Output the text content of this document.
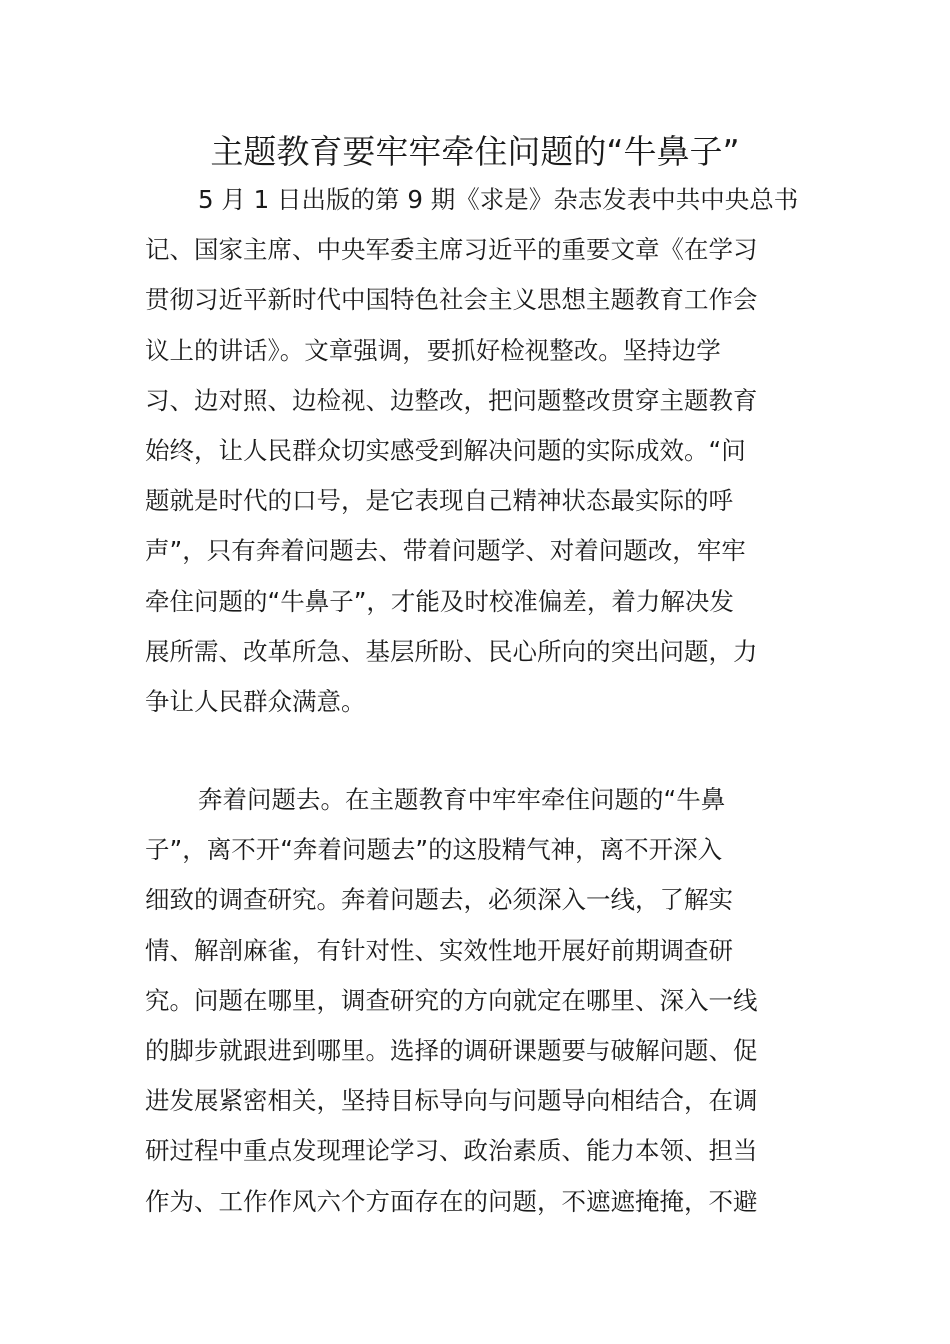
主题教育要牢牢牵住问题的“牛鼻子”
5 月 1 日出版的第 9 期《求是》杂志发表中共中央总书
记、国家主席、中央军委主席习近平的重要文章《在学习
贯彻习近平新时代中国特色社会主义思想主题教育工作会
议上的讲话》。文章强调，要抓好检视整改。坚持边学
习、边对照、边检视、边整改，把问题整改贯穿主题教育
始终，让人民群众切实感受到解决问题的实际成效。“问
题就是时代的口号，是它表现自己精神状态最实际的呼
声”，只有奔着问题去、带着问题学、对着问题改，牢牢
牵住问题的“牛鼻子”，才能及时校准偏差，着力解决发
展所需、改革所急、基层所盼、民心所向的突出问题，力
争让人民群众满意。
奔着问题去。在主题教育中牢牢牵住问题的“牛鼻
子”，离不开“奔着问题去”的这股精气神，离不开深入
细致的调查研究。奔着问题去，必须深入一线，了解实
情、解剖麻雀，有针对性、实效性地开展好前期调查研
究。问题在哪里，调查研究的方向就定在哪里、深入一线
的脚步就跟进到哪里。选择的调研课题要与破解问题、促
进发展紧密相关，坚持目标导向与问题导向相结合，在调
研过程中重点发现理论学习、政治素质、能力本领、担当
作为、工作作风六个方面存在的问题，不遮遮掩掩，不避
